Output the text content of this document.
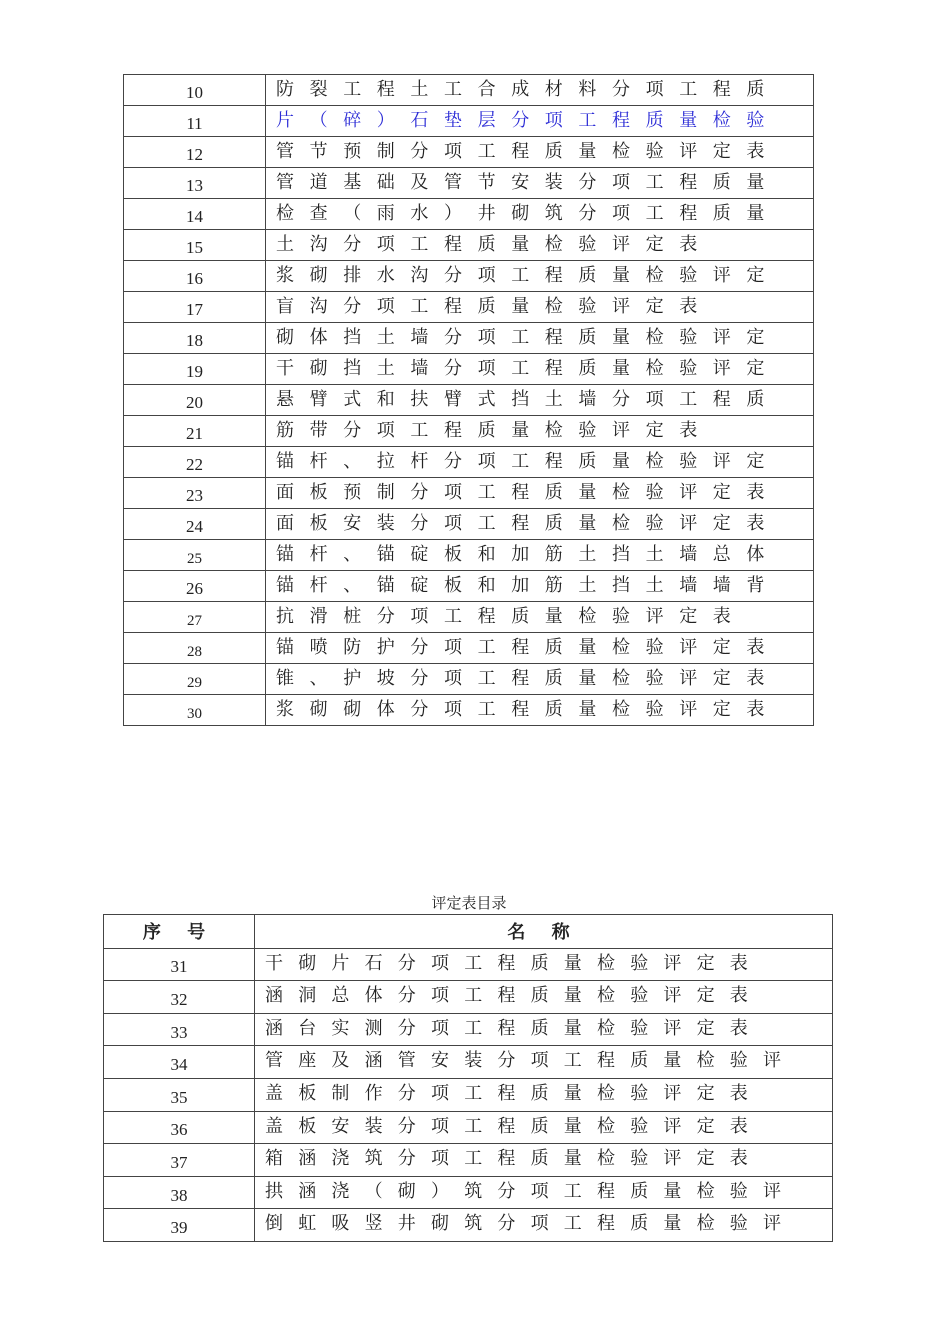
10	防裂工程土工合成材料分项工程质

11	片（碎）石垫层分项工程质量检验

12	管节预制分项工程质量检验评定表

13	管道基础及管节安装分项工程质量

14	检查（雨水）井砌筑分项工程质量

15	土沟分项工程质量检验评定表

16	浆砌排水沟分项工程质量检验评定

17	盲沟分项工程质量检验评定表

18	砌体挡土墙分项工程质量检验评定

19	干砌挡土墙分项工程质量检验评定

20	悬臂式和扶臂式挡土墙分项工程质

21	筋带分项工程质量检验评定表

22	锚杆、拉杆分项工程质量检验评定

23	面板预制分项工程质量检验评定表

24	面板安装分项工程质量检验评定表

25	锚杆、锚碇板和加筋土挡土墙总体

26	锚杆、锚碇板和加筋土挡土墙墙背

27	抗滑桩分项工程质量检验评定表

28	锚喷防护分项工程质量检验评定表

29	锥、护坡分项工程质量检验评定表

30	浆砌砌体分项工程质量检验评定表
评定表目录
序 号	名 称
31	干砌片石分项工程质量检验评定表

32	涵洞总体分项工程质量检验评定表

33	涵台实测分项工程质量检验评定表

34	管座及涵管安装分项工程质量检验评

35	盖板制作分项工程质量检验评定表

36	盖板安装分项工程质量检验评定表

37	箱涵浇筑分项工程质量检验评定表

38	拱涵浇（砌）筑分项工程质量检验评

39	倒虹吸竖井砌筑分项工程质量检验评
